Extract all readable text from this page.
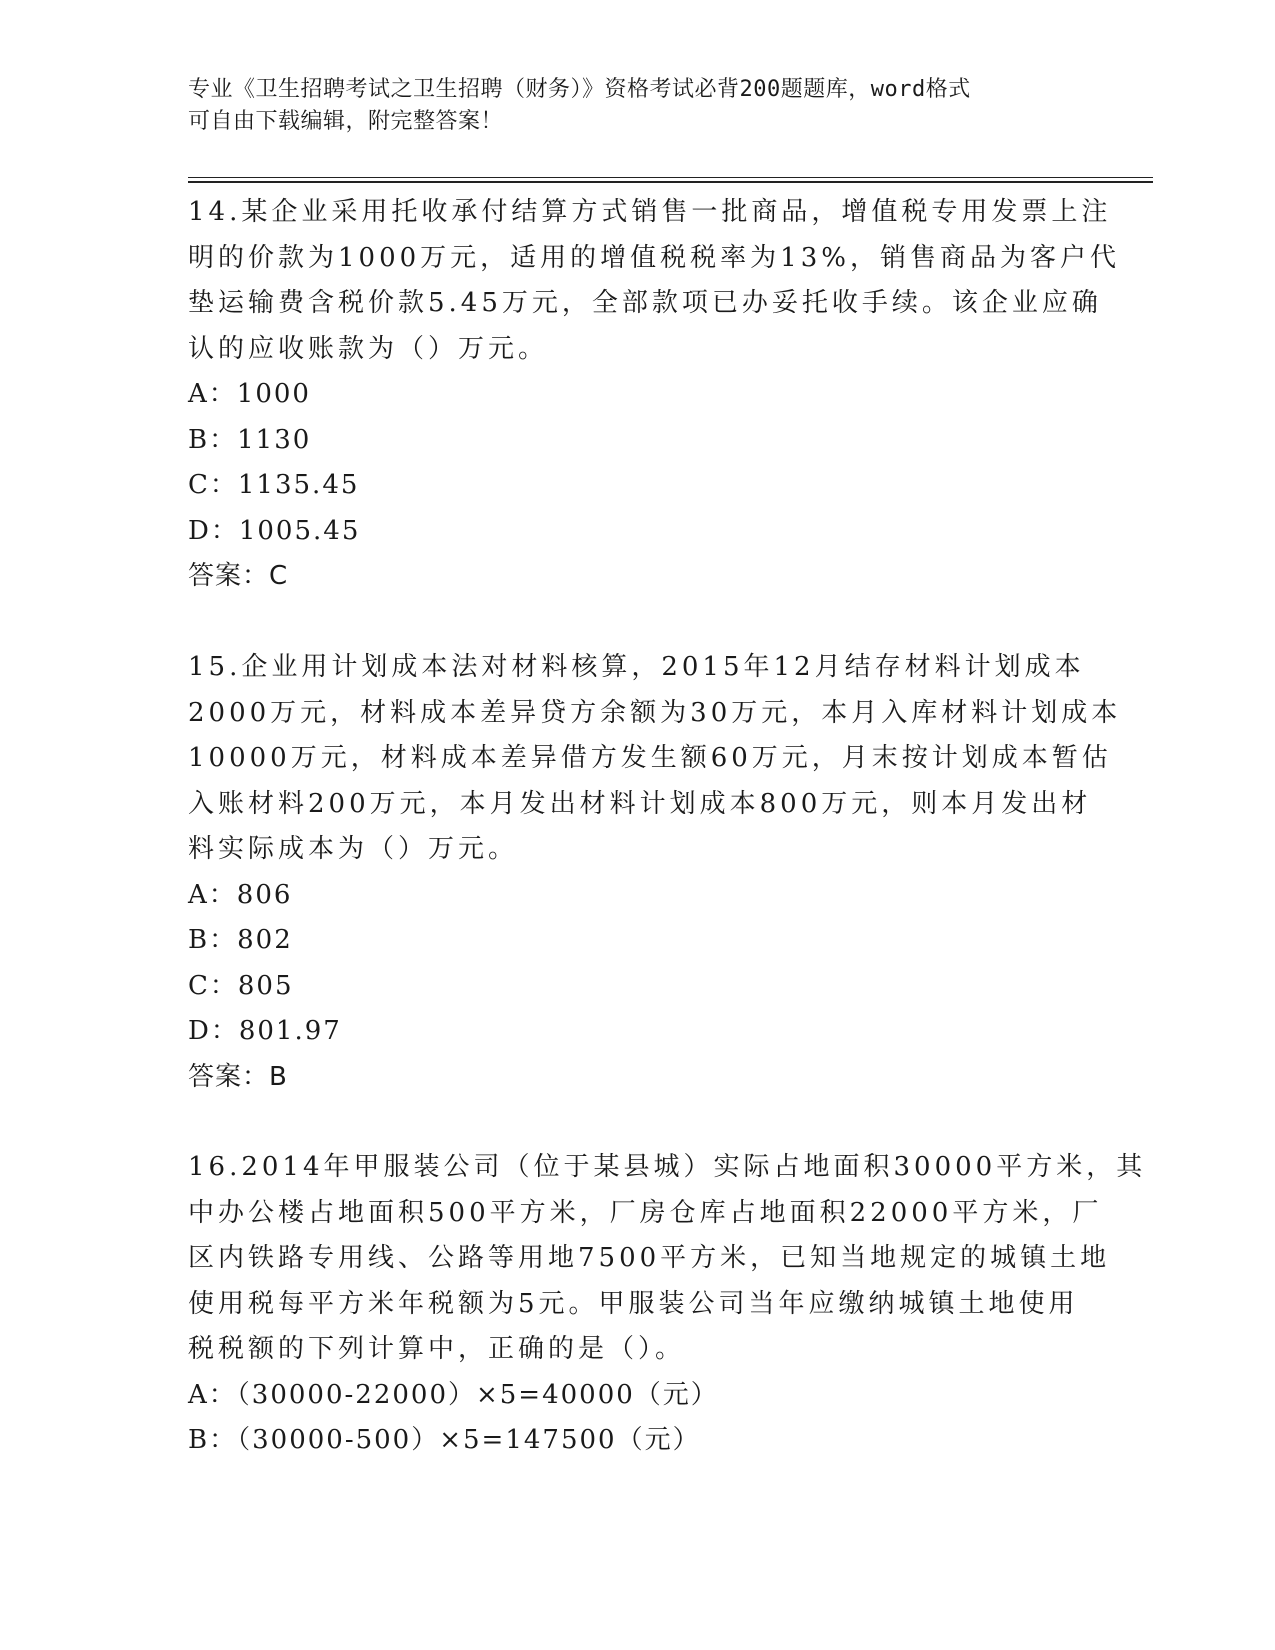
专业《卫生招聘考试之卫生招聘（财务）》资格考试必背200题题库，word格式
可自由下载编辑，附完整答案！
14.某企业采用托收承付结算方式销售一批商品，增值税专用发票上注
明的价款为1000万元，适用的增值税税率为13%，销售商品为客户代
垫运输费含税价款5.45万元，全部款项已办妥托收手续。该企业应确
认的应收账款为（）万元。
A：1000
B：1130
C：1135.45
D：1005.45
答案：C
15.企业用计划成本法对材料核算，2015年12月结存材料计划成本
2000万元，材料成本差异贷方余额为30万元，本月入库材料计划成本
10000万元，材料成本差异借方发生额60万元，月末按计划成本暂估
入账材料200万元，本月发出材料计划成本800万元，则本月发出材
料实际成本为（）万元。
A：806
B：802
C：805
D：801.97
答案：B
16.2014年甲服装公司（位于某县城）实际占地面积30000平方米，其
中办公楼占地面积500平方米，厂房仓库占地面积22000平方米，厂
区内铁路专用线、公路等用地7500平方米，已知当地规定的城镇土地
使用税每平方米年税额为5元。甲服装公司当年应缴纳城镇土地使用
税税额的下列计算中，正确的是（）。
A：（30000-22000）×5=40000（元）
B：（30000-500）×5=147500（元）
